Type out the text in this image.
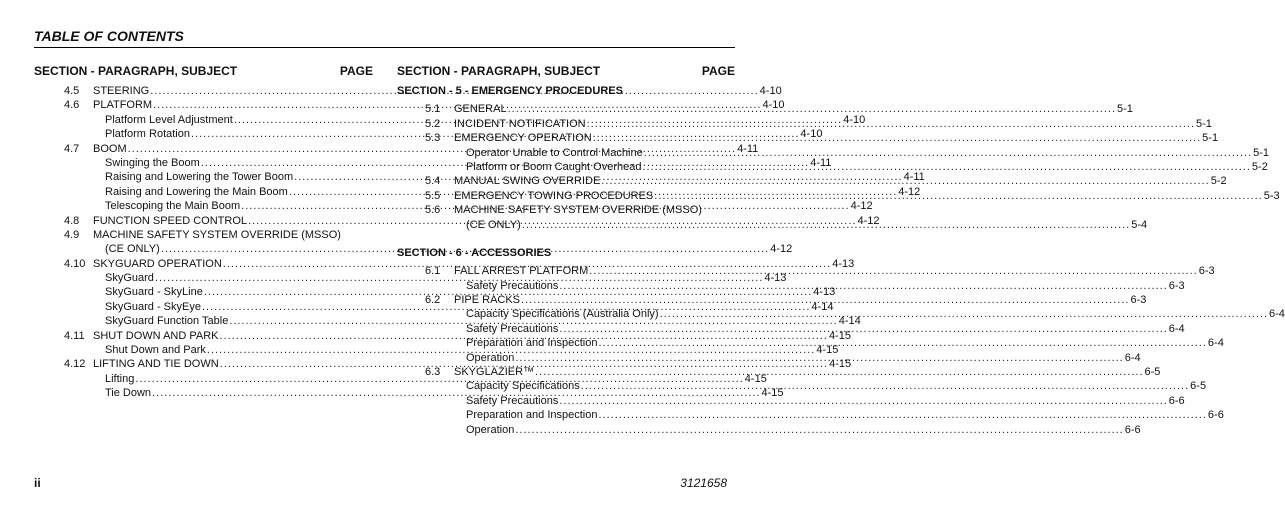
TABLE OF CONTENTS
SECTION - PARAGRAPH, SUBJECT	PAGE
4.5 STEERING .....	4-10
4.6 PLATFORM .....	4-10
Platform Level Adjustment .....	4-10
Platform Rotation .....	4-10
4.7 BOOM .....	4-11
Swinging the Boom .....	4-11
Raising and Lowering the Tower Boom .....	4-11
Raising and Lowering the Main Boom .....	4-12
Telescoping the Main Boom .....	4-12
4.8 FUNCTION SPEED CONTROL .....	4-12
4.9 MACHINE SAFETY SYSTEM OVERRIDE (MSSO)
(CE ONLY) .....	4-12
4.10 SKYGUARD OPERATION .....	4-13
SkyGuard .....	4-13
SkyGuard - SkyLine .....	4-13
SkyGuard - SkyEye .....	4-14
SkyGuard Function Table .....	4-14
4.11 SHUT DOWN AND PARK .....	4-15
Shut Down and Park .....	4-15
4.12 LIFTING AND TIE DOWN .....	4-15
Lifting .....	4-15
Tie Down .....	4-15
SECTION - PARAGRAPH, SUBJECT	PAGE
SECTION - 5 - EMERGENCY PROCEDURES
5.1 GENERAL .....	5-1
5.2 INCIDENT NOTIFICATION .....	5-1
5.3 EMERGENCY OPERATION .....	5-1
Operator Unable to Control Machine .....	5-1
Platform or Boom Caught Overhead .....	5-2
5.4 MANUAL SWING OVERRIDE .....	5-2
5.5 EMERGENCY TOWING PROCEDURES .....	5-3
5.6 MACHINE SAFETY SYSTEM OVERRIDE (MSSO)
(CE ONLY) .....	5-4
SECTION - 6 - ACCESSORIES
6.1 FALL ARREST PLATFORM .....	6-3
Safety Precautions .....	6-3
6.2 PIPE RACKS .....	6-3
Capacity Specifications (Australia Only) .....	6-4
Safety Precautions .....	6-4
Preparation and Inspection .....	6-4
Operation .....	6-4
6.3 SKYGLAZIER™ .....	6-5
Capacity Specifications .....	6-5
Safety Precautions .....	6-6
Preparation and Inspection .....	6-6
Operation .....	6-6
ii	3121658
